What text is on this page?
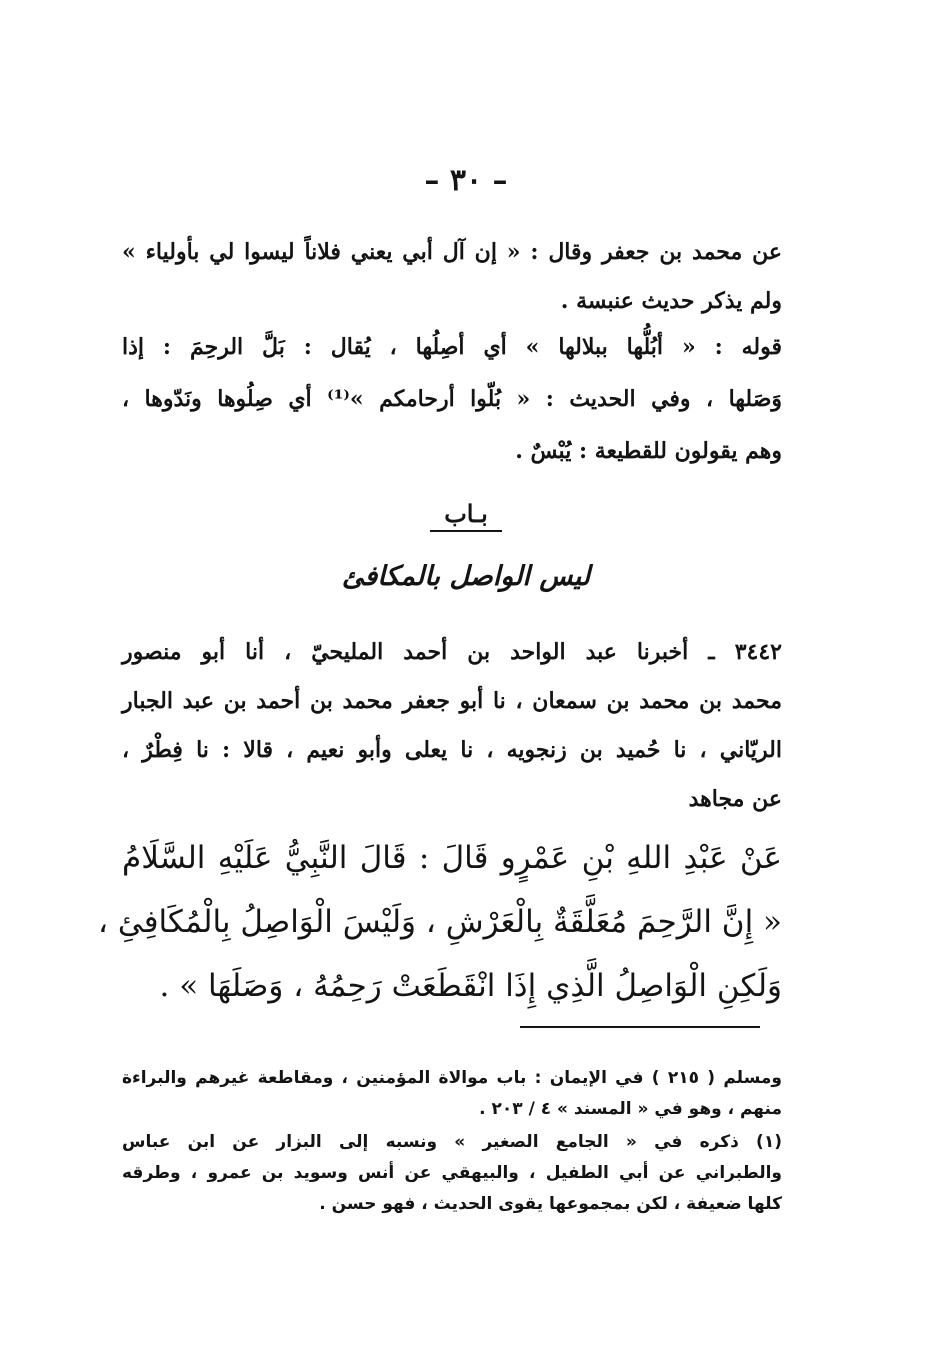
– ٣٠ –
عن محمد بن جعفر وقال : « إن آل أبي يعني فلاناً ليسوا لي بأولياء »
ولم يذكر حديث عنبسة .
قوله : « أبُلُّها ببلالها » أي أصِلُها ، يُقال : بَلَّ الرحِمَ : إذا
وَصَلها ، وفي الحديث : « بُلّوا أرحامكم »⁽¹⁾ أي صِلُوها ونَدّوها ،
وهم يقولون للقطيعة : يُبْسٌ .
بـاب
ليس الواصل بالمكافئ
٣٤٤٢ ـ أخبرنا عبد الواحد بن أحمد المليحيّ ، أنا أبو منصور
محمد بن محمد بن سمعان ، نا أبو جعفر محمد بن أحمد بن عبد الجبار
الريّاني ، نا حُميد بن زنجويه ، نا يعلى وأبو نعيم ، قالا : نا فِطْرٌ ،
عن مجاهد
عَنْ عَبْدِ اللهِ بْنِ عَمْرٍو قَالَ : قَالَ النَّبِيُّ عَلَيْهِ السَّلَامُ
« إِنَّ الرَّحِمَ مُعَلَّقَةٌ بِالْعَرْشِ ، وَلَيْسَ الْوَاصِلُ بِالْمُكَافِئِ ،
وَلَكِنِ الْوَاصِلُ الَّذِي إِذَا انْقَطَعَتْ رَحِمُهُ ، وَصَلَهَا » .
ومسلم ( ٢١٥ ) في الإيمان : باب موالاة المؤمنين ، ومقاطعة غيرهم والبراءة
منهم ، وهو في « المسند » ٤ / ٢٠٣ .
(١) ذكره في « الجامع الصغير » ونسبه إلى البزار عن ابن عباس
والطبراني عن أبي الطفيل ، والبيهقي عن أنس وسويد بن عمرو ، وطرقه
كلها ضعيفة ، لكن بمجموعها يقوى الحديث ، فهو حسن .
